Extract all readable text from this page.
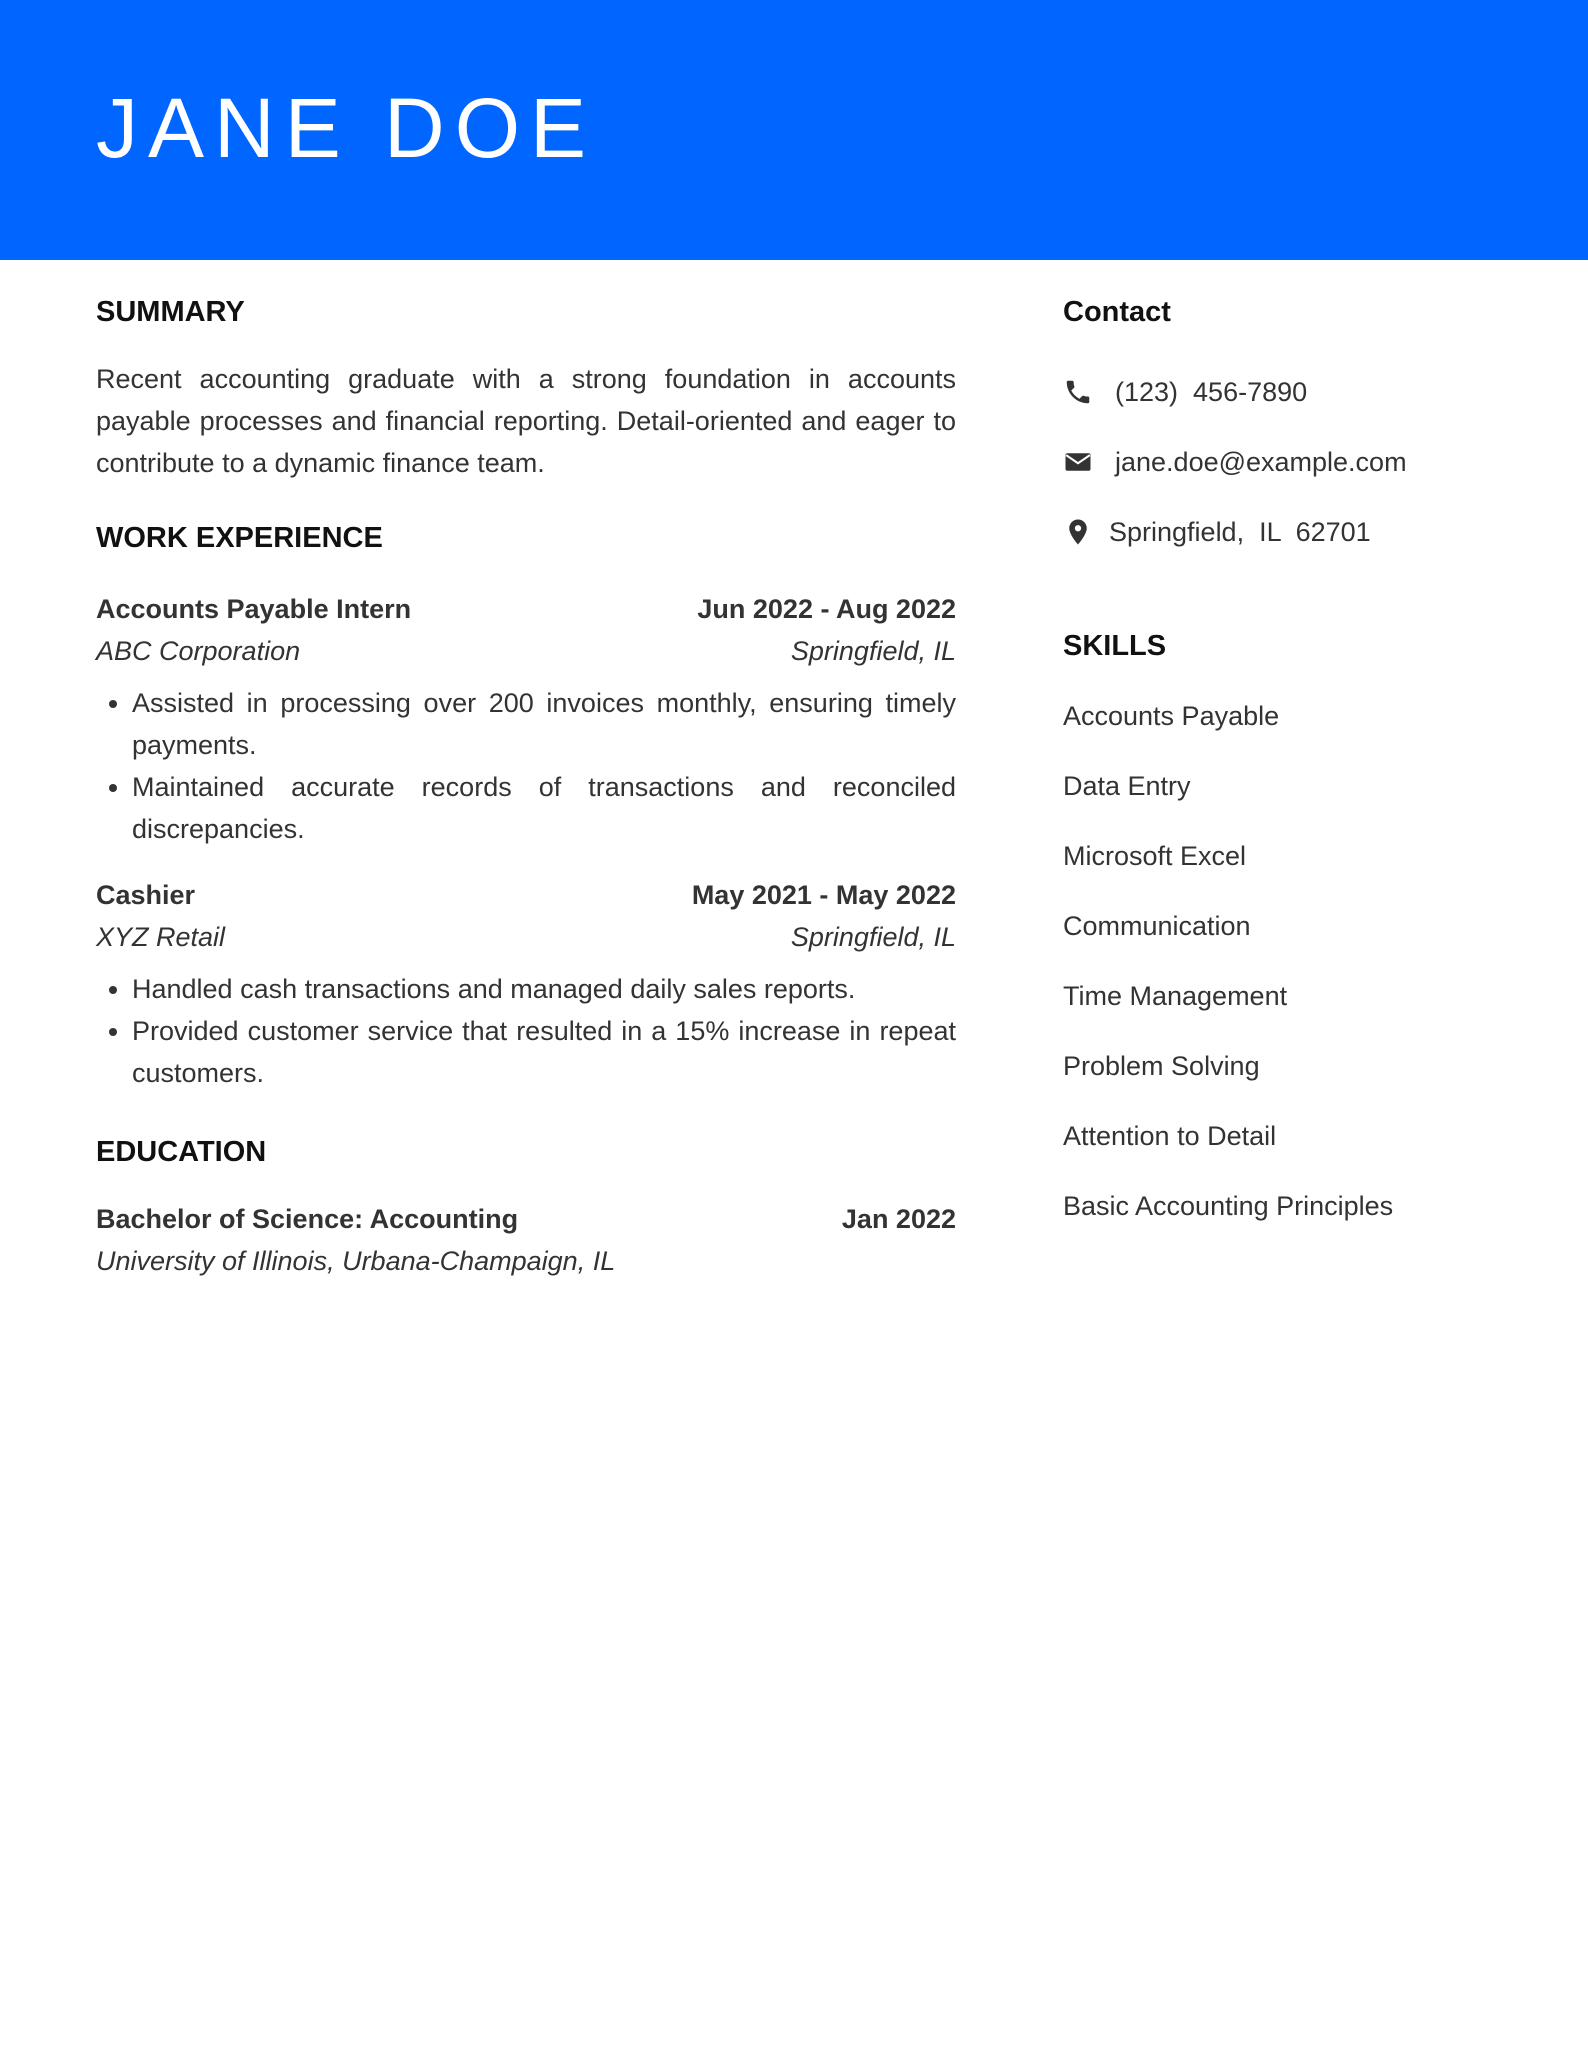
JANE DOE
SUMMARY

Recent accounting graduate with a strong foundation in accounts payable processes and financial reporting. Detail-oriented and eager to contribute to a dynamic finance team.

WORK EXPERIENCE
Accounts Payable Intern	Jun 2022 - Aug 2022
ABC Corporation	Springfield, IL
• Assisted in processing over 200 invoices monthly, ensuring timely payments.
• Maintained accurate records of transactions and reconciled discrepancies.
Cashier	May 2021 - May 2022
XYZ Retail	Springfield, IL
• Handled cash transactions and managed daily sales reports.
• Provided customer service that resulted in a 15% increase in repeat customers.
EDUCATION
Bachelor of Science: Accounting	Jan 2022
University of Illinois, Urbana-Champaign, IL
Contact
(123)  456-7890
jane.doe@example.com
Springfield,  IL  62701
SKILLS
Accounts Payable
Data Entry
Microsoft Excel
Communication
Time Management
Problem Solving
Attention to Detail
Basic Accounting Principles
